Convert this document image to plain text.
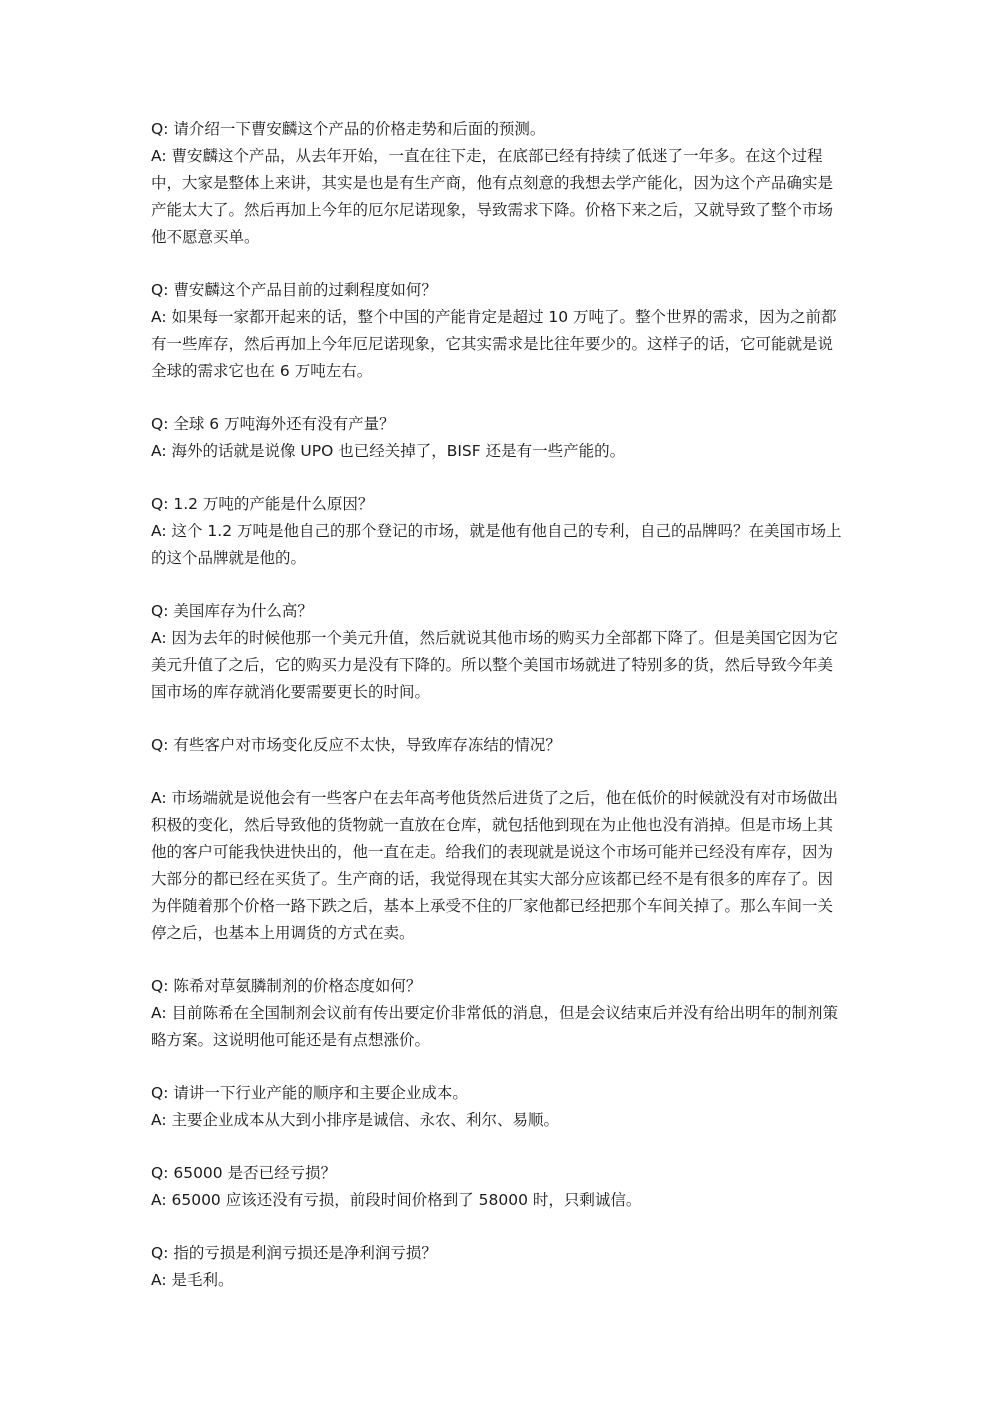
Q: 请介绍一下曹安麟这个产品的价格走势和后面的预测。

A: 曹安麟这个产品，从去年开始，一直在往下走，在底部已经有持续了低迷了一年多。在这个过程中，大家是整体上来讲，其实是也是有生产商，他有点刻意的我想去学产能化，因为这个产品确实是产能太大了。然后再加上今年的厄尔尼诺现象，导致需求下降。价格下来之后，又就导致了整个市场他不愿意买单。

Q: 曹安麟这个产品目前的过剩程度如何？

A: 如果每一家都开起来的话，整个中国的产能肯定是超过 10 万吨了。整个世界的需求，因为之前都有一些库存，然后再加上今年厄尼诺现象，它其实需求是比往年要少的。这样子的话，它可能就是说全球的需求它也在 6 万吨左右。

Q: 全球 6 万吨海外还有没有产量？

A: 海外的话就是说像 UPO 也已经关掉了，BISF 还是有一些产能的。

Q: 1.2 万吨的产能是什么原因？

A: 这个 1.2 万吨是他自己的那个登记的市场，就是他有他自己的专利，自己的品牌吗？在美国市场上的这个品牌就是他的。

Q: 美国库存为什么高？

A: 因为去年的时候他那一个美元升值，然后就说其他市场的购买力全部都下降了。但是美国它因为它美元升值了之后，它的购买力是没有下降的。所以整个美国市场就进了特别多的货，然后导致今年美国市场的库存就消化要需要更长的时间。

Q: 有些客户对市场变化反应不太快，导致库存冻结的情况？

A: 市场端就是说他会有一些客户在去年高考他货然后进货了之后，他在低价的时候就没有对市场做出积极的变化，然后导致他的货物就一直放在仓库，就包括他到现在为止他也没有消掉。但是市场上其他的客户可能我快进快出的，他一直在走。给我们的表现就是说这个市场可能并已经没有库存，因为大部分的都已经在买货了。生产商的话，我觉得现在其实大部分应该都已经不是有很多的库存了。因为伴随着那个价格一路下跌之后，基本上承受不住的厂家他都已经把那个车间关掉了。那么车间一关停之后，也基本上用调货的方式在卖。

Q: 陈希对草氨膦制剂的价格态度如何？

A: 目前陈希在全国制剂会议前有传出要定价非常低的消息，但是会议结束后并没有给出明年的制剂策略方案。这说明他可能还是有点想涨价。

Q: 请讲一下行业产能的顺序和主要企业成本。

A: 主要企业成本从大到小排序是诚信、永农、利尔、易顺。

Q: 65000 是否已经亏损？

A: 65000 应该还没有亏损，前段时间价格到了 58000 时，只剩诚信。

Q: 指的亏损是利润亏损还是净利润亏损？

A: 是毛利。
